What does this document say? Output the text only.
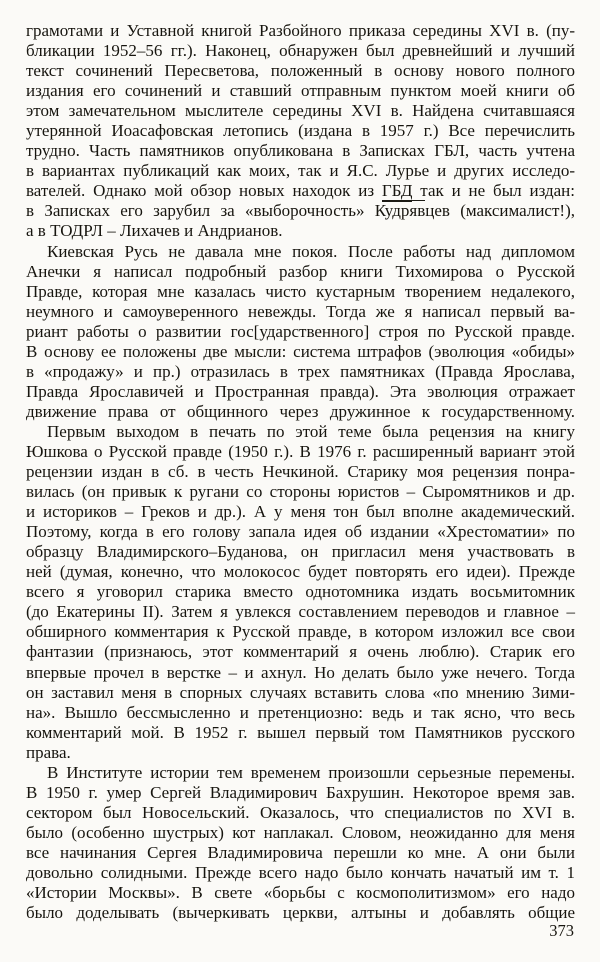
грамотами и Уставной книгой Разбойного приказа середины XVI в. (пу-
бликации 1952–56 гг.). Наконец, обнаружен был древнейший и лучший
текст сочинений Пересветова, положенный в основу нового полного
издания его сочинений и ставший отправным пунктом моей книги об
этом замечательном мыслителе середины XVI в. Найдена считавшаяся
утерянной Иоасафовская летопись (издана в 1957 г.) Все перечислить
трудно. Часть памятников опубликована в Записках ГБЛ, часть учтена
в вариантах публикаций как моих, так и Я.С. Лурье и других исследо-
вателей. Однако мой обзор новых находок из ГБД так и не был издан:
в Записках его зарубил за «выборочность» Кудрявцев (максималист!),
а в ТОДРЛ – Лихачев и Андрианов.
Киевская Русь не давала мне покоя. После работы над дипломом
Анечки я написал подробный разбор книги Тихомирова о Русской
Правде, которая мне казалась чисто кустарным творением недалекого,
неумного и самоуверенного невежды. Тогда же я написал первый ва-
риант работы о развитии гос[ударственного] строя по Русской правде.
В основу ее положены две мысли: система штрафов (эволюция «обиды»
в «продажу» и пр.) отразилась в трех памятниках (Правда Ярослава,
Правда Ярославичей и Пространная правда). Эта эволюция отражает
движение права от общинного через дружинное к государственному.
Первым выходом в печать по этой теме была рецензия на книгу
Юшкова о Русской правде (1950 г.). В 1976 г. расширенный вариант этой
рецензии издан в сб. в честь Нечкиной. Старику моя рецензия понра-
вилась (он привык к ругани со стороны юристов – Сыромятников и др.
и историков – Греков и др.). А у меня тон был вполне академический.
Поэтому, когда в его голову запала идея об издании «Хрестоматии» по
образцу Владимирского–Буданова, он пригласил меня участвовать в
ней (думая, конечно, что молокосос будет повторять его идеи). Прежде
всего я уговорил старика вместо однотомника издать восьмитомник
(до Екатерины II). Затем я увлекся составлением переводов и главное –
обширного комментария к Русской правде, в котором изложил все свои
фантазии (признаюсь, этот комментарий я очень люблю). Старик его
впервые прочел в верстке – и ахнул. Но делать было уже нечего. Тогда
он заставил меня в спорных случаях вставить слова «по мнению Зими-
на». Вышло бессмысленно и претенциозно: ведь и так ясно, что весь
комментарий мой. В 1952 г. вышел первый том Памятников русского
права.
В Институте истории тем временем произошли серьезные перемены.
В 1950 г. умер Сергей Владимирович Бахрушин. Некоторое время зав.
сектором был Новосельский. Оказалось, что специалистов по XVI в.
было (особенно шустрых) кот наплакал. Словом, неожиданно для меня
все начинания Сергея Владимировича перешли ко мне. А они были
довольно солидными. Прежде всего надо было кончать начатый им т. 1
«Истории Москвы». В свете «борьбы с космополитизмом» его надо
было доделывать (вычеркивать церкви, алтыны и добавлять общие
373
